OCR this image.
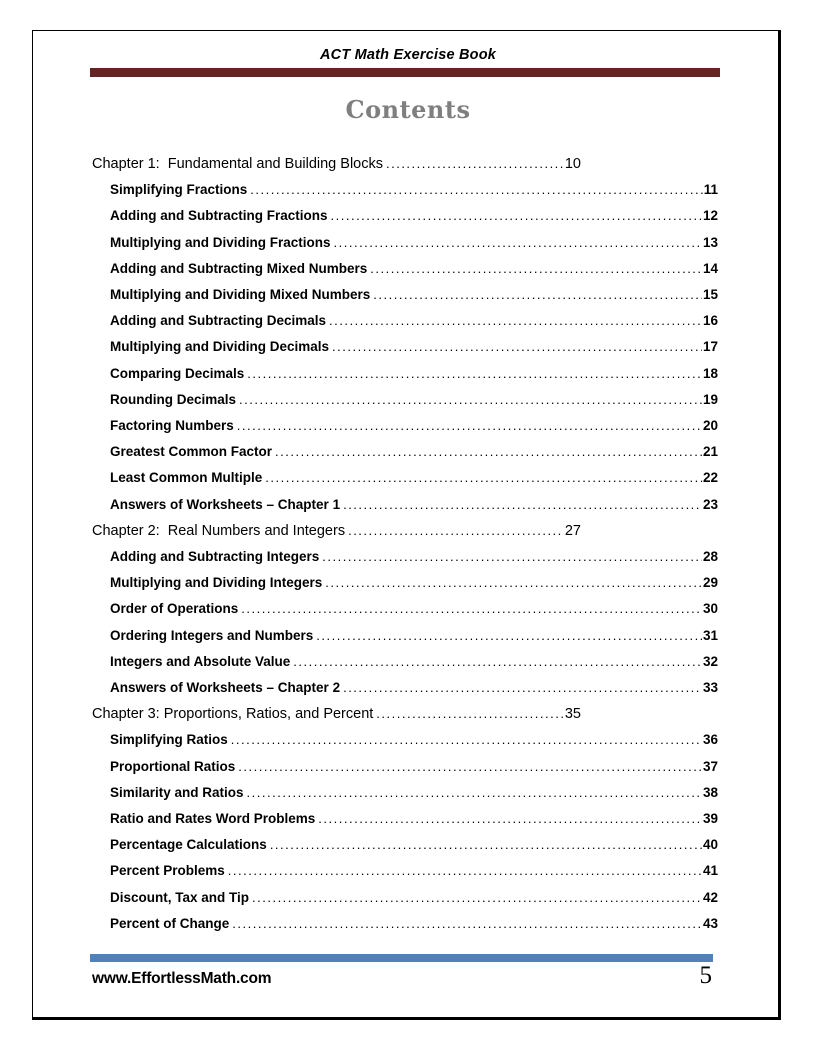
ACT Math Exercise Book
Contents
Chapter 1:  Fundamental and Building Blocks .....	10
Simplifying Fractions .....	11
Adding and Subtracting Fractions .....	12
Multiplying and Dividing Fractions .....	13
Adding and Subtracting Mixed Numbers .....	14
Multiplying and Dividing Mixed Numbers .....	15
Adding and Subtracting Decimals .....	16
Multiplying and Dividing Decimals .....	17
Comparing Decimals .....	18
Rounding Decimals .....	19
Factoring Numbers .....	20
Greatest Common Factor .....	21
Least Common Multiple .....	22
Answers of Worksheets – Chapter 1 .....	23
Chapter 2:  Real Numbers and Integers .....	27
Adding and Subtracting Integers .....	28
Multiplying and Dividing Integers .....	29
Order of Operations .....	30
Ordering Integers and Numbers .....	31
Integers and Absolute Value .....	32
Answers of Worksheets – Chapter 2 .....	33
Chapter 3: Proportions, Ratios, and Percent .....	35
Simplifying Ratios .....	36
Proportional Ratios .....	37
Similarity and Ratios .....	38
Ratio and Rates Word Problems .....	39
Percentage Calculations .....	40
Percent Problems .....	41
Discount, Tax and Tip .....	42
Percent of Change .....	43
www.EffortlessMath.com	5
